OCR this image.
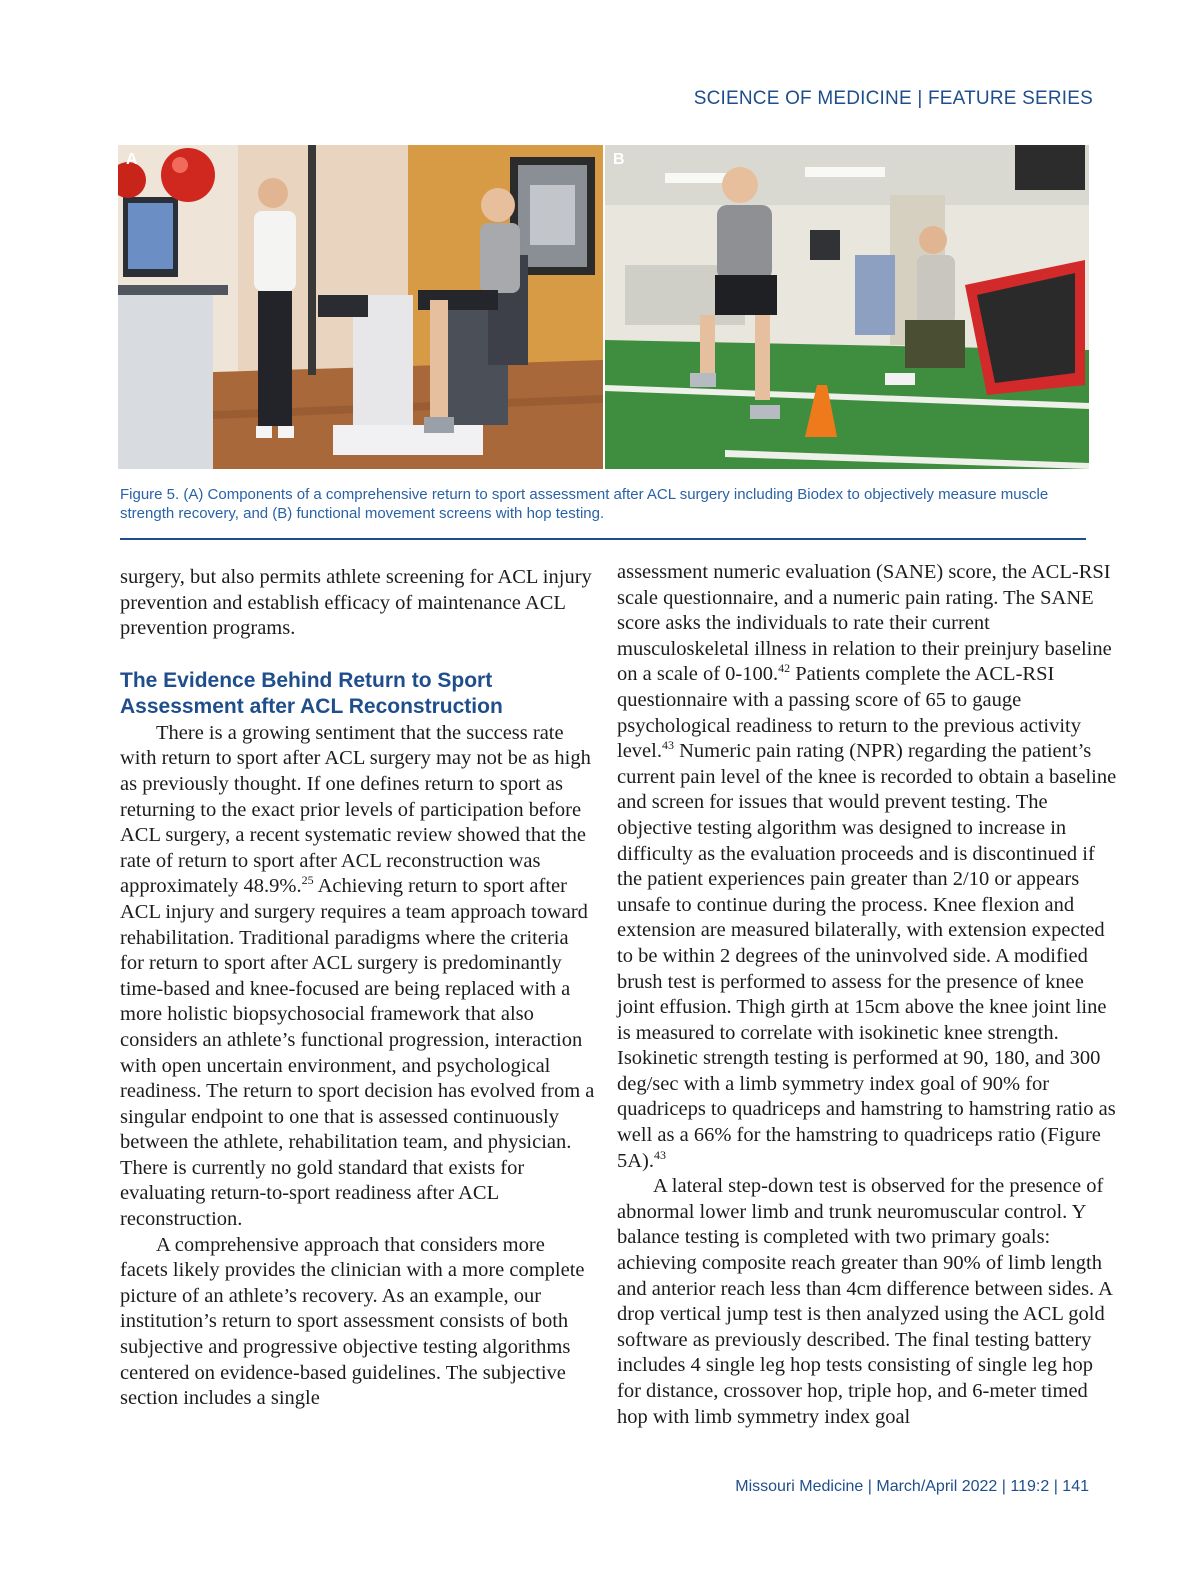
SCIENCE OF MEDICINE | FEATURE SERIES
A	B
Figure 5. (A) Components of a comprehensive return to sport assessment after ACL surgery including Biodex to objectively measure muscle strength recovery, and (B) functional movement screens with hop testing.

surgery, but also permits athlete screening for ACL injury prevention and establish efficacy of maintenance ACL prevention programs.

The Evidence Behind Return to Sport Assessment after ACL Reconstruction

There is a growing sentiment that the success rate with return to sport after ACL surgery may not be as high as previously thought. If one defines return to sport as returning to the exact prior levels of participation before ACL surgery, a recent systematic review showed that the rate of return to sport after ACL reconstruction was approximately 48.9%.$^{25}$ Achieving return to sport after ACL injury and surgery requires a team approach toward rehabilitation. Traditional paradigms where the criteria for return to sport after ACL surgery is predominantly time-based and knee-focused are being replaced with a more holistic biopsychosocial framework that also considers an athlete’s functional progression, interaction with open uncertain environment, and psychological readiness. The return to sport decision has evolved from a singular endpoint to one that is assessed continuously between the athlete, rehabilitation team, and physician. There is currently no gold standard that exists for evaluating return-to-sport readiness after ACL reconstruction.

A comprehensive approach that considers more facets likely provides the clinician with a more complete picture of an athlete’s recovery. As an example, our institution’s return to sport assessment consists of both subjective and progressive objective testing algorithms centered on evidence-based guidelines. The subjective section includes a single

assessment numeric evaluation (SANE) score, the ACL-RSI scale questionnaire, and a numeric pain rating. The SANE score asks the individuals to rate their current musculoskeletal illness in relation to their preinjury baseline on a scale of 0-100.42 Patients complete the ACL-RSI questionnaire with a passing score of 65 to gauge psychological readiness to return to the previous activity level.$^{43}$ Numeric pain rating (NPR) regarding the patient’s current pain level of the knee is recorded to obtain a baseline and screen for issues that would prevent testing. The objective testing algorithm was designed to increase in difficulty as the evaluation proceeds and is discontinued if the patient experiences pain greater than 2/10 or appears unsafe to continue during the process. Knee flexion and extension are measured bilaterally, with extension expected to be within 2 degrees of the uninvolved side. A modified brush test is performed to assess for the presence of knee joint effusion. Thigh girth at 15cm above the knee joint line is measured to correlate with isokinetic knee strength. Isokinetic strength testing is performed at 90, 180, and 300 deg/sec with a limb symmetry index goal of 90% for quadriceps to quadriceps and hamstring to hamstring ratio as well as a 66% for the hamstring to quadriceps ratio (Figure 5A).$^{43}$

A lateral step-down test is observed for the presence of abnormal lower limb and trunk neuromuscular control. Y balance testing is completed with two primary goals: achieving composite reach greater than 90% of limb length and anterior reach less than 4cm difference between sides. A drop vertical jump test is then analyzed using the ACL gold software as previously described. The final testing battery includes 4 single leg hop tests consisting of single leg hop for distance, crossover hop, triple hop, and 6-meter timed hop with limb symmetry index goal

Missouri Medicine | March/April 2022 | 119:2 | 141
